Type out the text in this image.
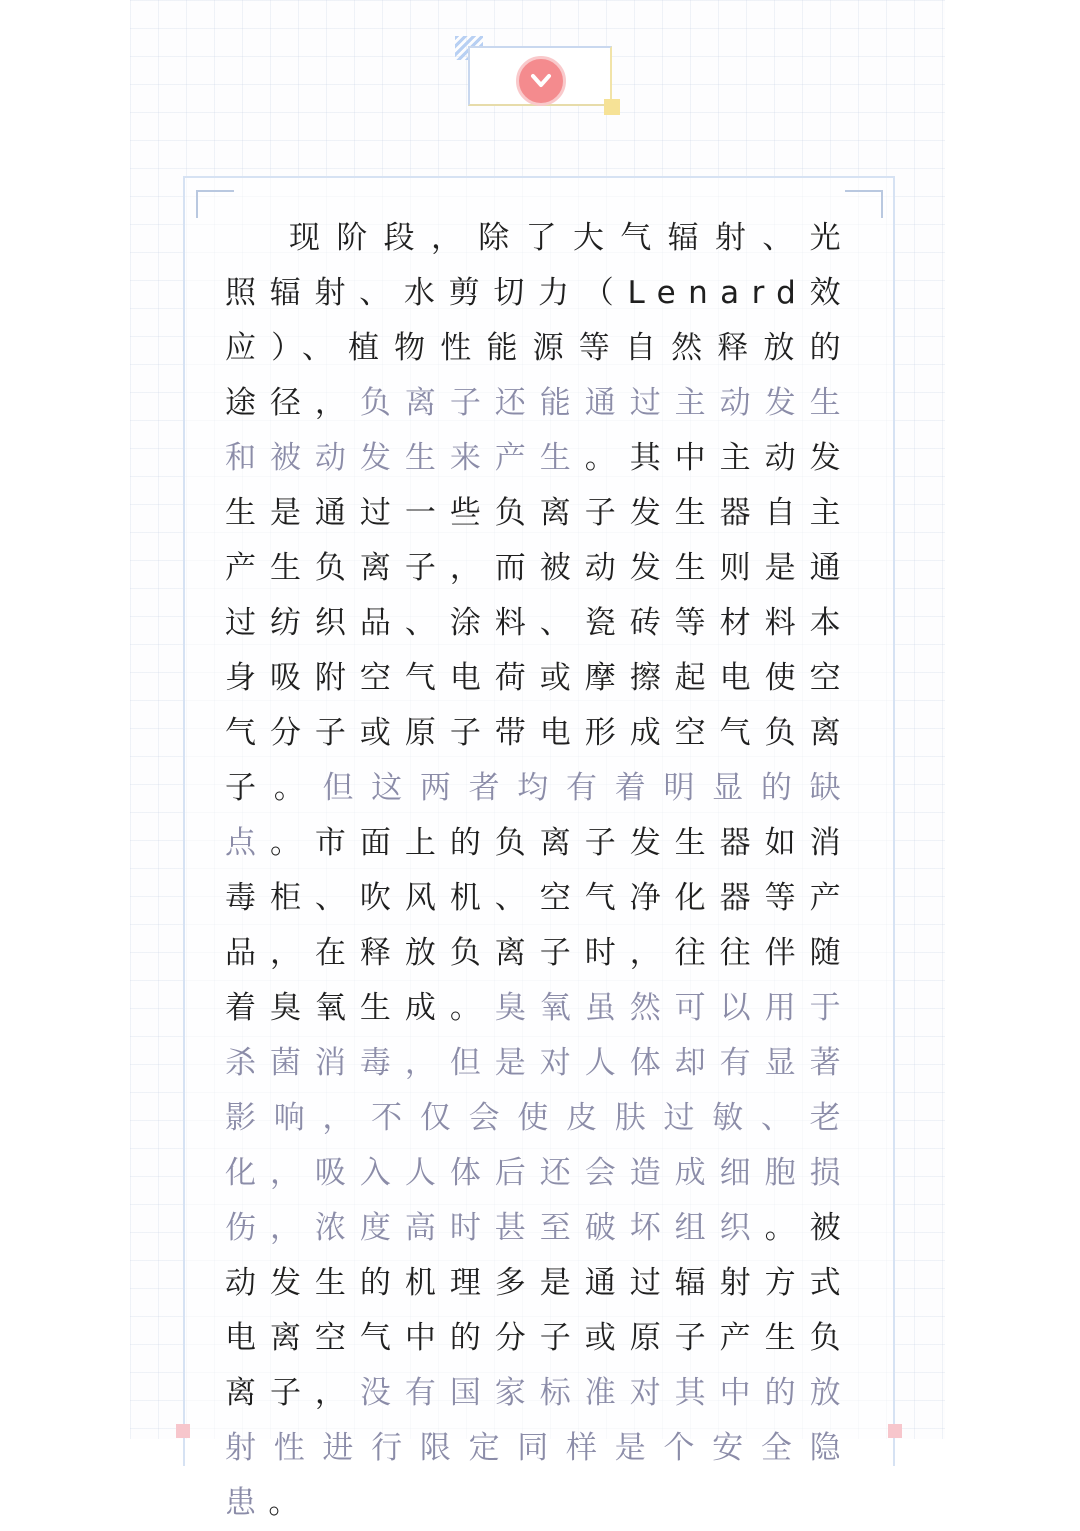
现阶段，除了大气辐射、光照辐射、水剪切力（Lenard效应）、植物性能源等自然释放的途径，负离子还能通过主动发生和被动发生来产生。其中主动发生是通过一些负离子发生器自主产生负离子，而被动发生则是通过纺织品、涂料、瓷砖等材料本身吸附空气电荷或摩擦起电使空气分子或原子带电形成空气负离子。但这两者均有着明显的缺点。市面上的负离子发生器如消毒柜、吹风机、空气净化器等产品，在释放负离子时，往往伴随着臭氧生成。臭氧虽然可以用于杀菌消毒，但是对人体却有显著影响，不仅会使皮肤过敏、老化，吸入人体后还会造成细胞损伤，浓度高时甚至破坏组织。被动发生的机理多是通过辐射方式电离空气中的分子或原子产生负离子，没有国家标准对其中的放射性进行限定同样是个安全隐患。
